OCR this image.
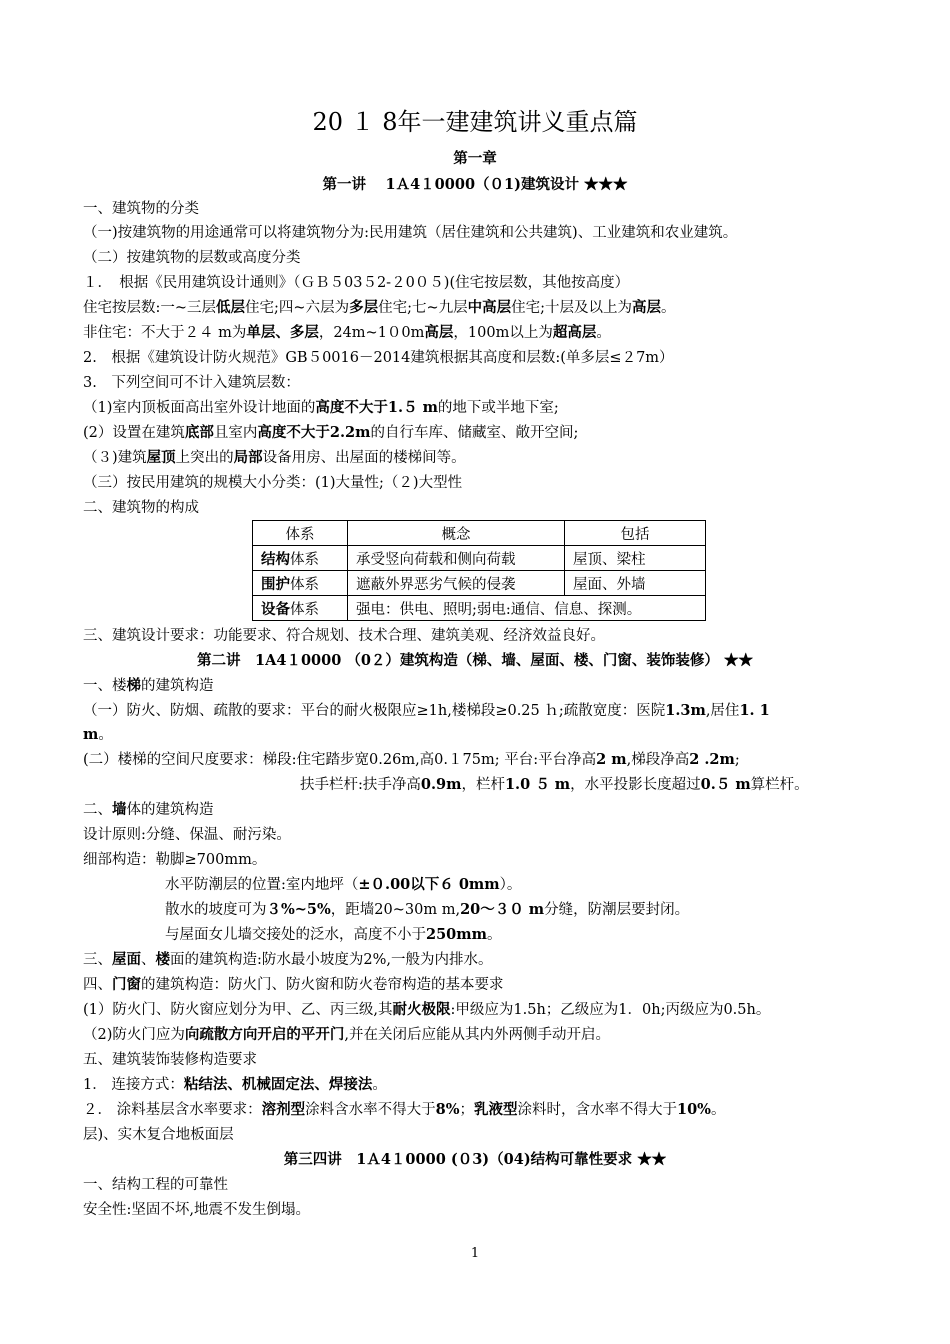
20 １ 8年一建建筑讲义重点篇
第一章
第一讲　 1Ａ4１0000（０1)建筑设计 ★★★
一、建筑物的分类
（一)按建筑物的用途通常可以将建筑物分为:民用建筑（居住建筑和公共建筑)、工业建筑和农业建筑。
（二）按建筑物的层数或高度分类
１．　根据《民用建筑设计通则》（ＧＢ５03５2-２0０５)(住宅按层数，其他按高度）
住宅按层数:一~三层低层住宅;四~六层为多层住宅;七~九层中高层住宅;十层及以上为高层。
非住宅：不大于２４ m为单层、多层，24m~1０0m高层，100m以上为超高层。
2.　根据《建筑设计防火规范》GB５0016－2014建筑根据其高度和层数:(单多层≤２7m）
3.　下列空间可不计入建筑层数：
（1)室内顶板面高出室外设计地面的高度不大于1.５ m的地下或半地下室;
(2）设置在建筑底部且室内高度不大于2.2m的自行车库、储藏室、敞开空间;
（３)建筑屋顶上突出的局部设备用房、出屋面的楼梯间等。
（三）按民用建筑的规模大小分类：(1)大量性;（２)大型性
二、建筑物的构成
体系	概念	包括
结构体系	承受竖向荷载和侧向荷载	屋顶、梁柱
围护体系	遮蔽外界恶劣气候的侵袭	屋面、外墙
设备体系	强电：供电、照明;弱电:通信、信息、探测。	
三、建筑设计要求：功能要求、符合规划、技术合理、建筑美观、经济效益良好。
第二讲　1A4１0000 （0２）建筑构造（梯、墙、屋面、楼、门窗、装饰装修） ★★
一、楼梯的建筑构造
（一）防火、防烟、疏散的要求：平台的耐火极限应≥1h,楼梯段≥0.25 ｈ;疏散宽度：医院1.3m,居住1. 1
m。
(二）楼梯的空间尺度要求：梯段:住宅踏步宽0.26m,高0.１75m; 平台:平台净高2 m,梯段净高2 .2m;
扶手栏杆:扶手净高0.9m，栏杆1.0 ５ m，水平投影长度超过0.５ m算栏杆。
二、墙体的建筑构造
设计原则:分缝、保温、耐污染。
细部构造：勒脚≥700mm。
水平防潮层的位置:室内地坪（±０.00以下６ 0mm）。
散水的坡度可为３%~5%，距墙20~30m m,20～３０ m分缝，防潮层要封闭。
与屋面女儿墙交接处的泛水，高度不小于250mm。
三、屋面、楼面的建筑构造:防水最小坡度为2%,一般为内排水。
四、门窗的建筑构造：防火门、防火窗和防火卷帘构造的基本要求
(1）防火门、防火窗应划分为甲、乙、丙三级,其耐火极限:甲级应为1.5h；乙级应为1．0h;丙级应为0.5h。
（2)防火门应为向疏散方向开启的平开门,并在关闭后应能从其内外两侧手动开启。
五、建筑装饰装修构造要求
1． 连接方式：粘结法、机械固定法、焊接法。
２． 涂料基层含水率要求：溶剂型涂料含水率不得大于8%；乳液型涂料时，含水率不得大于10%。
层)、实木复合地板面层
第三四讲　1Ａ4１0000 (０3)（04)结构可靠性要求 ★★
一、结构工程的可靠性
安全性:坚固不坏,地震不发生倒塌。
1
